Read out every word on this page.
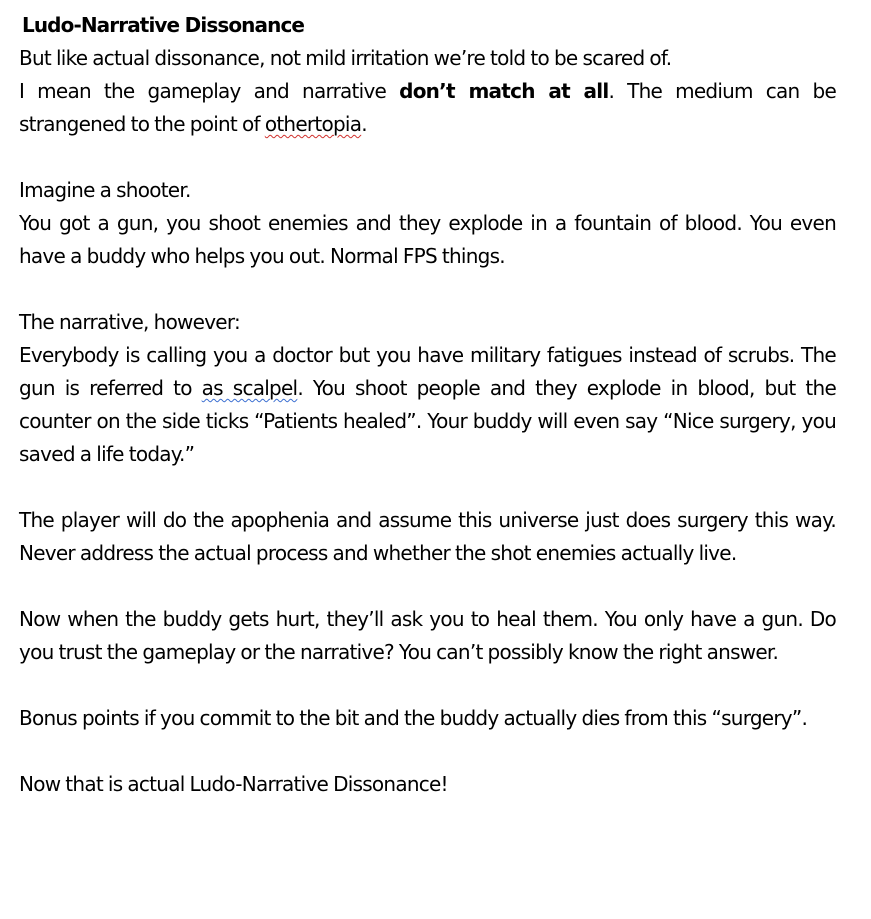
Ludo-Narrative Dissonance

But like actual dissonance, not mild irritation we’re told to be scared of.

I mean the gameplay and narrative don’t match at all. The medium can be strangened to the point of othertopia.

Imagine a shooter.

You got a gun, you shoot enemies and they explode in a fountain of blood. You even have a buddy who helps you out. Normal FPS things.

The narrative, however:

Everybody is calling you a doctor but you have military fatigues instead of scrubs. The gun is referred to as scalpel. You shoot people and they explode in blood, but the counter on the side ticks “Patients healed”. Your buddy will even say “Nice surgery, you saved a life today.”

The player will do the apophenia and assume this universe just does surgery this way. Never address the actual process and whether the shot enemies actually live.

Now when the buddy gets hurt, they’ll ask you to heal them. You only have a gun. Do you trust the gameplay or the narrative? You can’t possibly know the right answer.

Bonus points if you commit to the bit and the buddy actually dies from this “surgery”.

Now that is actual Ludo-Narrative Dissonance!
